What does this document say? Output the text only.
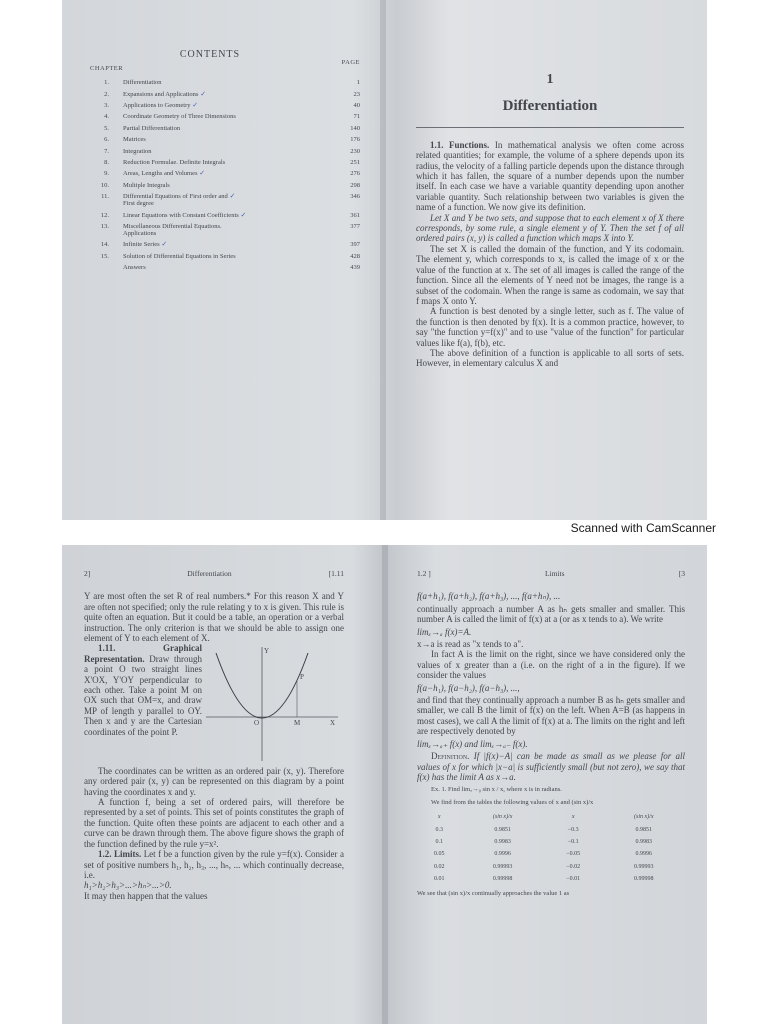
CONTENTS
CHAPTER
PAGE
1. Differentiation	1
2. Expansions and Applications ✓	23
3. Applications to Geometry ✓	40
4. Coordinate Geometry of Three Dimensions	71
5. Partial Differentiation	140
6. Matrices	176
7. Integration	230
8. Reduction Formulae. Definite Integrals	251
9. Areas, Lengths and Volumes ✓	276
10. Multiple Integrals	298
11. Differential Equations of First order and ✓
First degree
346
12. Linear Equations with Constant Coefficients ✓	361
13. Miscellaneous Differential Equations.
Applications
377
14. Infinite Series ✓	397
15. Solution of Differential Equations in Series	428
Answers	439
1
Differentiation

1.1. Functions. In mathematical analysis we often come across related quantities; for example, the volume of a sphere depends upon its radius, the velocity of a falling particle depends upon the distance through which it has fallen, the square of a number depends upon the number itself. In each case we have a variable quantity depending upon another variable quantity. Such relationship between two variables is given the name of a function. We now give its definition.

Let X and Y be two sets, and suppose that to each element x of X there corresponds, by some rule, a single element y of Y. Then the set f of all ordered pairs (x, y) is called a function which maps X into Y.

The set X is called the domain of the function, and Y its codomain. The element y, which corresponds to x, is called the image of x or the value of the function at x. The set of all images is called the range of the function. Since all the elements of Y need not be images, the range is a subset of the codomain. When the range is same as codomain, we say that f maps X onto Y.

A function is best denoted by a single letter, such as f. The value of the function is then denoted by f(x). It is a common practice, however, to say "the function y=f(x)" and to use "value of the function" for particular values like f(a), f(b), etc.

The above definition of a function is applicable to all sorts of sets. However, in elementary calculus X and

Scanned with CamScanner
2]	Differentiation	[1.11

Y are most often the set R of real numbers.* For this reason X and Y are often not specified; only the rule relating y to x is given. This rule is quite often an equation. But it could be a table, an operation or a verbal instruction. The only criterion is that we should be able to assign one element of Y to each element of X.

1.11. Graphical Representation. Draw through a point O two straight lines X'OX, Y'OY perpendicular to each other. Take a point M on OX such that OM=x, and draw MP of length y parallel to OY. Then x and y are the Cartesian coordinates of the point P.

Y
X
O
P
M

The coordinates can be written as an ordered pair (x, y). Therefore any ordered pair (x, y) can be represented on this diagram by a point having the coordinates x and y.

A function f, being a set of ordered pairs, will therefore be represented by a set of points. This set of points constitutes the graph of the function. Quite often these points are adjacent to each other and a curve can be drawn through them. The above figure shows the graph of the function defined by the rule y=x².

1.2. Limits. Let f be a function given by the rule y=f(x). Consider a set of positive numbers h₁, h₂, h₃, ..., hₙ, ... which continually decrease, i.e.

h₁>h₂>h₃>...>hₙ>...>0.

It may then happen that the values

1.2 ]	Limits	[3

f(a+h₁), f(a+h₂), f(a+h₃), ..., f(a+hₙ), ...

continually approach a number A as hₙ gets smaller and smaller. This number A is called the limit of f(x) at a (or as x tends to a). We write

limₓ→ₐ f(x)=A.

x→a is read as "x tends to a".

In fact A is the limit on the right, since we have considered only the values of x greater than a (i.e. on the right of a in the figure). If we consider the values

f(a−h₁), f(a−h₂), f(a−h₃), ...,

and find that they continually approach a number B as hₙ gets smaller and smaller, we call B the limit of f(x) on the left. When A=B (as happens in most cases), we call A the limit of f(x) at a. The limits on the right and left are respectively denoted by

limₓ→ₐ₊ f(x) and limₓ→ₐ₋ f(x).

Definition. If |f(x)−A| can be made as small as we please for all values of x for which |x−a| is sufficiently small (but not zero), we say that f(x) has the limit A as x→a.

Ex. 1. Find limₓ→₀ sin x / x, where x is in radians.

We find from the tables the following values of x and (sin x)/x

x	(sin x)/x	x	(sin x)/x
0.3	0.9851	−0.3	0.9851
0.1	0.9983	−0.1	0.9983
0.05	0.9996	−0.05	0.9996
0.02	0.99993	−0.02	0.99993
0.01	0.99998	−0.01	0.99998

We see that (sin x)/x continually approaches the value 1 as
